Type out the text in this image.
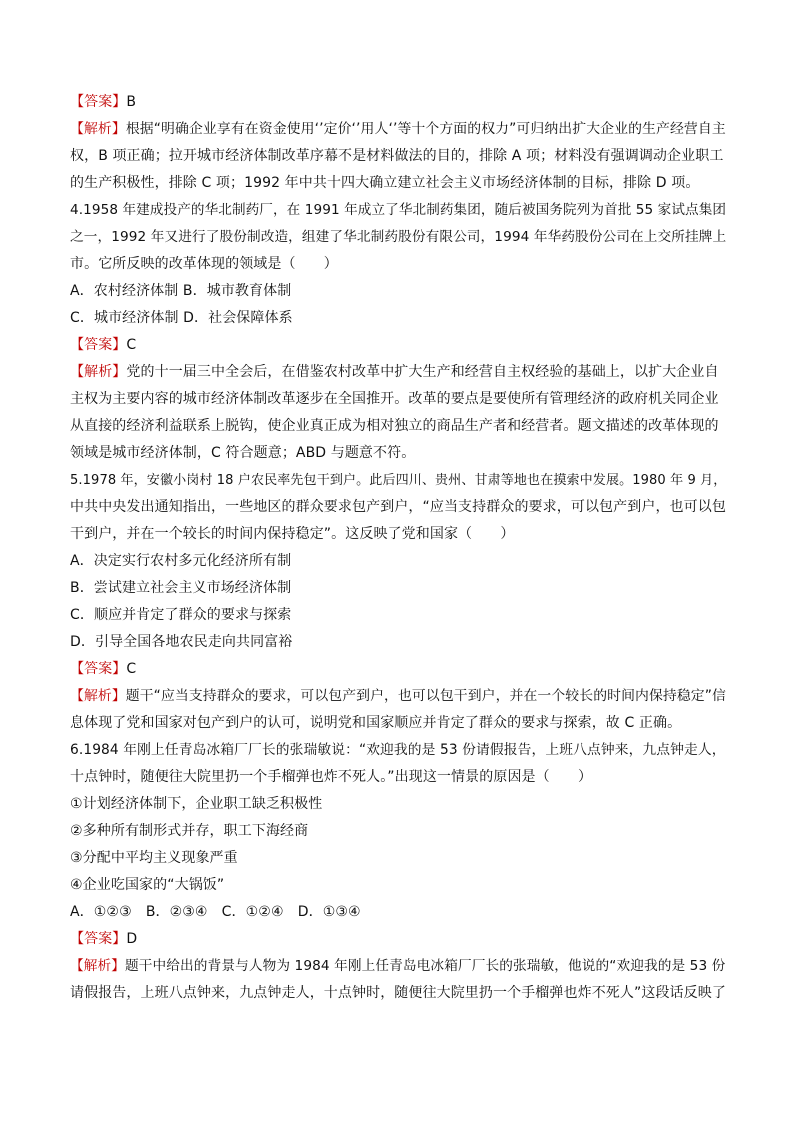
【答案】B
【解析】根据“明确企业享有在资金使用‘’定价‘’用人‘’等十个方面的权力”可归纳出扩大企业的生产经营自主
权，B 项正确；拉开城市经济体制改革序幕不是材料做法的目的，排除 A 项；材料没有强调调动企业职工
的生产积极性，排除 C 项；1992 年中共十四大确立建立社会主义市场经济体制的目标，排除 D 项。
4.1958 年建成投产的华北制药厂，在 1991 年成立了华北制药集团，随后被国务院列为首批 55 家试点集团
之一，1992 年又进行了股份制改造，组建了华北制药股份有限公司，1994 年华药股份公司在上交所挂牌上
市。它所反映的改革体现的领域是（　　）
A．农村经济体制 B．城市教育体制
C．城市经济体制 D．社会保障体系
【答案】C
【解析】党的十一届三中全会后，在借鉴农村改革中扩大生产和经营自主权经验的基础上，以扩大企业自
主权为主要内容的城市经济体制改革逐步在全国推开。改革的要点是要使所有管理经济的政府机关同企业
从直接的经济利益联系上脱钩，使企业真正成为相对独立的商品生产者和经营者。题文描述的改革体现的
领域是城市经济体制，C 符合题意；ABD 与题意不符。
5.1978 年，安徽小岗村 18 户农民率先包干到户。此后四川、贵州、甘肃等地也在摸索中发展。1980 年 9 月，
中共中央发出通知指出，一些地区的群众要求包产到户，“应当支持群众的要求，可以包产到户，也可以包
干到户，并在一个较长的时间内保持稳定”。这反映了党和国家（　　）
A．决定实行农村多元化经济所有制
B．尝试建立社会主义市场经济体制
C．顺应并肯定了群众的要求与探索
D．引导全国各地农民走向共同富裕
【答案】C
【解析】题干“应当支持群众的要求，可以包产到户，也可以包干到户，并在一个较长的时间内保持稳定”信
息体现了党和国家对包产到户的认可，说明党和国家顺应并肯定了群众的要求与探索，故 C 正确。
6.1984 年刚上任青岛冰箱厂厂长的张瑞敏说：“欢迎我的是 53 份请假报告，上班八点钟来，九点钟走人，
十点钟时，随便往大院里扔一个手榴弹也炸不死人。”出现这一情景的原因是（　　）
①计划经济体制下，企业职工缺乏积极性
②多种所有制形式并存，职工下海经商
③分配中平均主义现象严重
④企业吃国家的“大锅饭”
A．①②③　B．②③④　C．①②④　D．①③④
【答案】D
【解析】题干中给出的背景与人物为 1984 年刚上任青岛电冰箱厂厂长的张瑞敏，他说的“欢迎我的是 53 份
请假报告，上班八点钟来，九点钟走人，十点钟时，随便往大院里扔一个手榴弹也炸不死人”这段话反映了
